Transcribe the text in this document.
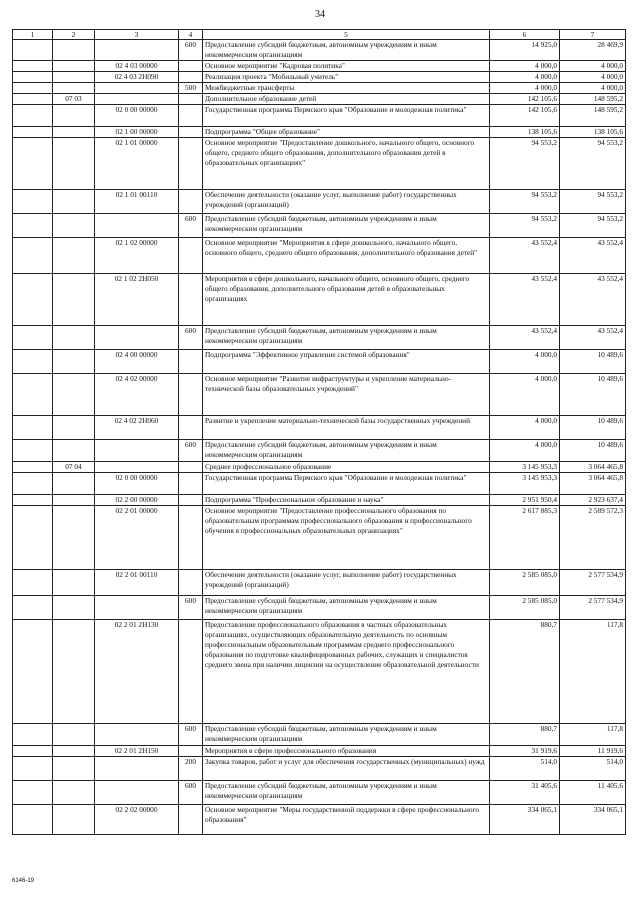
34
1	2	3	4	5	6	7
			600	Предоставление субсидий бюджетным, автономным учреждениям и иным некоммерческим организациям	14 925,0	28 469,9
		02 4 03 00000		Основное мероприятие "Кадровая политика"	4 000,0	4 000,0
		02 4 03 2Н090		Реализация проекта "Мобильный учитель"	4 000,0	4 000,0
			500	Межбюджетные трансферты	4 000,0	4 000,0
	07 03			Дополнительное образование детей	142 105,6	148 595,2
		02 0 00 00000		Государственная программа Пермского края "Образование и молодежная политика"	142 105,6	148 595,2
		02 1 00 00000		Подпрограмма "Общее образование"	138 105,6	138 105,6
		02 1 01 00000		Основное мероприятие "Предоставление дошкольного, начального общего, основного общего, среднего общего образования, дополнительного образования детей в образовательных организациях"	94 553,2	94 553,2
		02 1 01 00110		Обеспечение деятельности (оказание услуг, выполнение работ) государственных учреждений (организаций)	94 553,2	94 553,2
			600	Предоставление субсидий бюджетным, автономным учреждениям и иным некоммерческим организациям	94 553,2	94 553,2
		02 1 02 00000		Основное мероприятие "Мероприятия в сфере дошкольного, начального общего, основного общего, среднего общего образования, дополнительного образования детей"	43 552,4	43 552,4
		02 1 02 2Н050		Мероприятия в сфере дошкольного, начального общего, основного общего, среднего общего образования, дополнительного образования детей в образовательных организациях	43 552,4	43 552,4
			600	Предоставление субсидий бюджетным, автономным учреждениям и иным некоммерческим организациям	43 552,4	43 552,4
		02 4 00 00000		Подпрограмма "Эффективное управление системой образования"	4 000,0	10 489,6
		02 4 02 00000		Основное мероприятие "Развитие инфраструктуры и укрепление материально-технической базы образовательных учреждений"	4 000,0	10 489,6
		02 4 02 2Н060		Развитие и укрепление материально-технической базы государственных учреждений	4 000,0	10 489,6
			600	Предоставление субсидий бюджетным, автономным учреждениям и иным некоммерческим организациям	4 000,0	10 489,6
	07 04			Среднее профессиональное образование	3 145 953,3	3 064 465,8
		02 0 00 00000		Государственная программа Пермского края "Образование и молодежная политика"	3 145 953,3	3 064 465,8
		02 2 00 00000		Подпрограмма "Профессиональное образование и наука"	2 951 950,4	2 923 637,4
		02 2 01 00000		Основное мероприятие "Предоставление профессионального образования по образовательным программам профессионального образования и профессионального обучения в профессиональных образовательных организациях"	2 617 885,3	2 589 572,3
		02 2 01 00110		Обеспечение деятельности (оказание услуг, выполнение работ) государственных учреждений (организаций)	2 585 085,0	2 577 534,9
			600	Предоставление субсидий бюджетным, автономным учреждениям и иным некоммерческим организациям	2 585 085,0	2 577 534,9
		02 2 01 2Н130		Предоставление профессионального образования в частных образовательных организациях, осуществляющих образовательную деятельность по основным профессиональным образовательным программам среднего профессионального образования по подготовке квалифицированных рабочих, служащих и специалистов среднего звена при наличии лицензии на осуществление образовательной деятельности	880,7	117,8
			600	Предоставление субсидий бюджетным, автономным учреждениям и иным некоммерческим организациям	880,7	117,8
		02 2 01 2Н150		Мероприятия в сфере профессионального образования	31 919,6	11 919,6
			200	Закупка товаров, работ и услуг для обеспечения государственных (муниципальных) нужд	514,0	514,0
			600	Предоставление субсидий бюджетным, автономным учреждениям и иным некоммерческим организациям	31 405,6	11 405,6
		02 2 02 00000		Основное мероприятие "Меры государственной поддержки в сфере профессионального образования"	334 065,1	334 065,1
6146-19
